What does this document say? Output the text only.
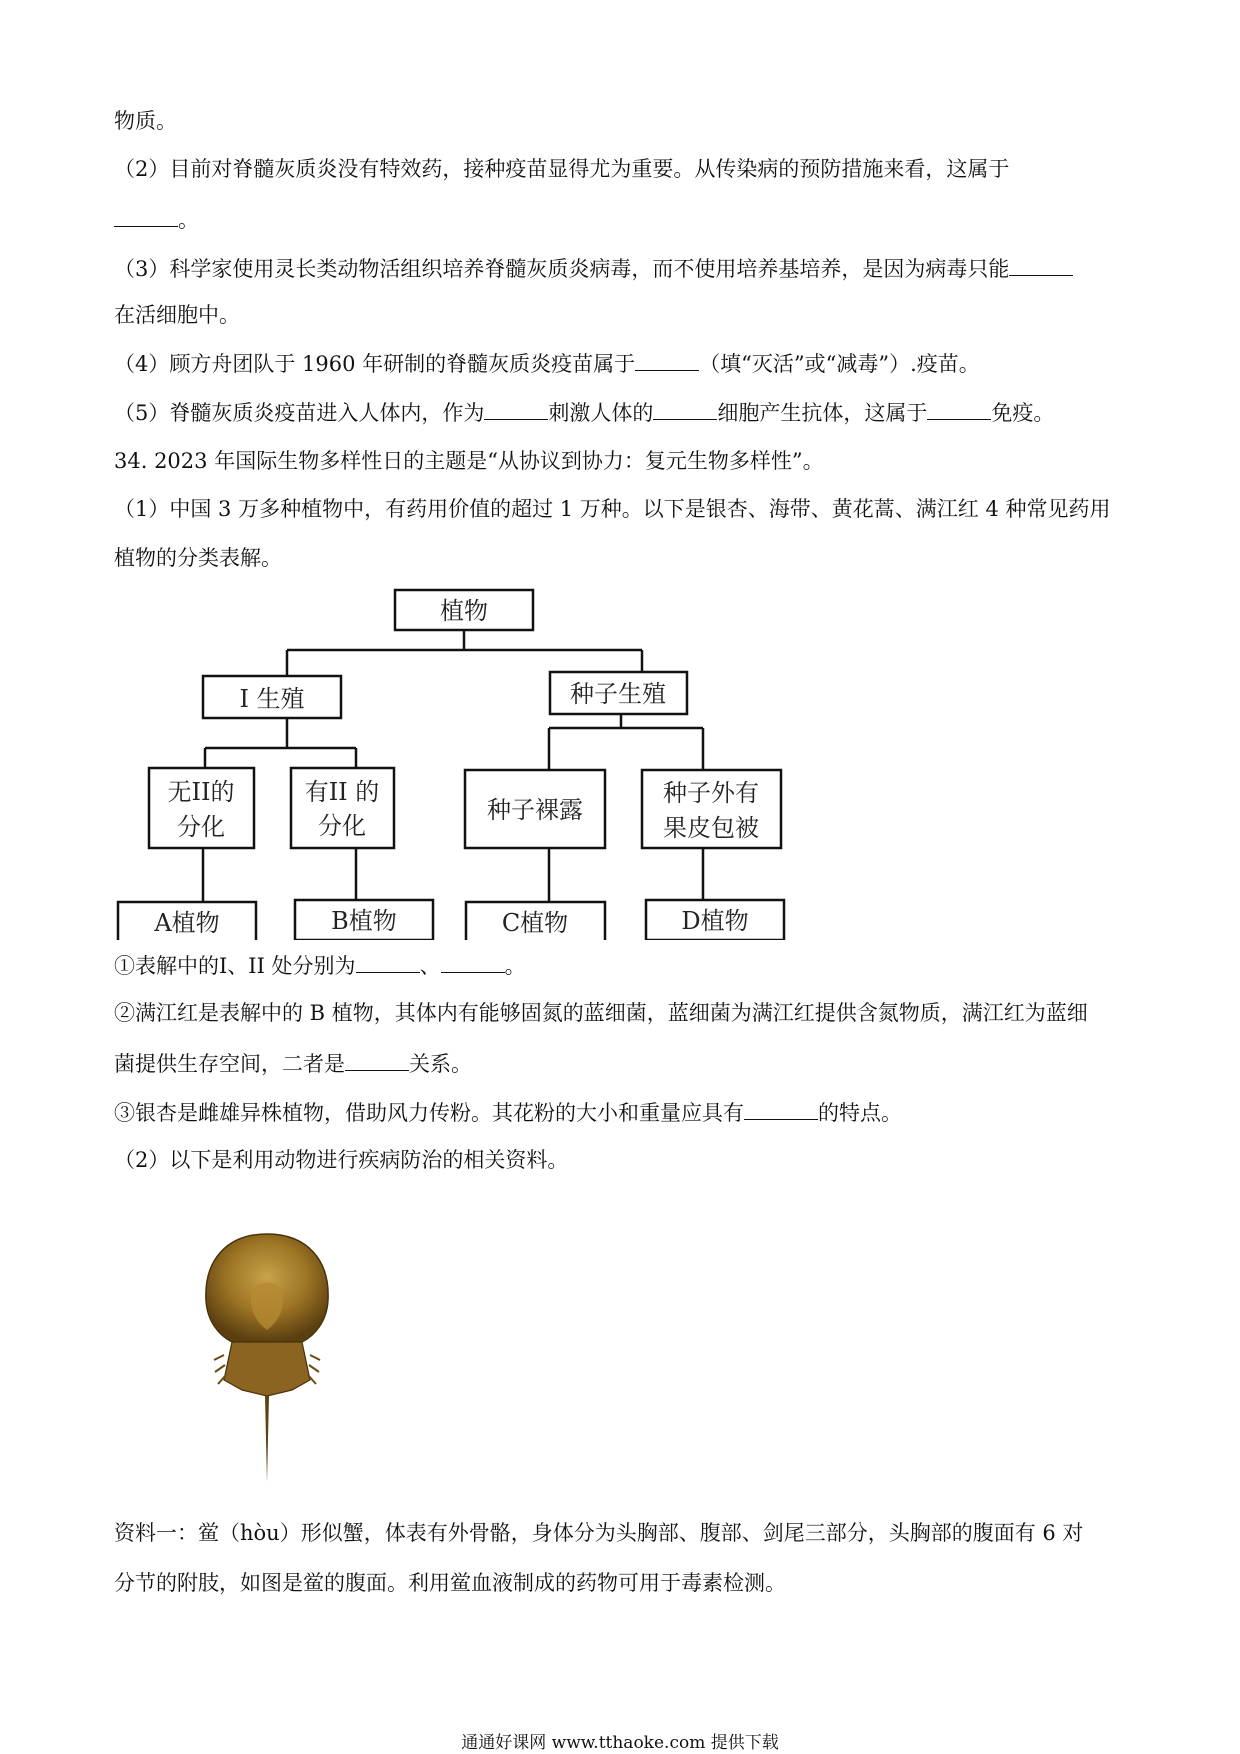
物质。
（2）目前对脊髓灰质炎没有特效药，接种疫苗显得尤为重要。从传染病的预防措施来看，这属于
。
（3）科学家使用灵长类动物活组织培养脊髓灰质炎病毒，而不使用培养基培养，是因为病毒只能
在活细胞中。
（4）顾方舟团队于 1960 年研制的脊髓灰质炎疫苗属于	（填“灭活”或“减毒”）.疫苗。
（5）脊髓灰质炎疫苗进入人体内，作为	刺激人体的	细胞产生抗体，这属于	免疫。
34. 2023 年国际生物多样性日的主题是“从协议到协力：复元生物多样性”。
（1）中国 3 万多种植物中，有药用价值的超过 1 万种。以下是银杏、海带、黄花蒿、满江红 4 种常见药用
植物的分类表解。
植物
I 生殖	种子生殖
无II的
分化
有II 的
分化
种子裸露
种子外有
果皮包被
A植物	B植物	C植物	D植物
①表解中的I、II 处分别为	、	。
②满江红是表解中的 B 植物，其体内有能够固氮的蓝细菌，蓝细菌为满江红提供含氮物质，满江红为蓝细
菌提供生存空间，二者是	关系。
③银杏是雌雄异株植物，借助风力传粉。其花粉的大小和重量应具有	的特点。
（2）以下是利用动物进行疾病防治的相关资料。
资料一：鲎（hòu）形似蟹，体表有外骨骼，身体分为头胸部、腹部、剑尾三部分，头胸部的腹面有 6 对
分节的附肢，如图是鲎的腹面。利用鲎血液制成的药物可用于毒素检测。
通通好课网 www.tthaoke.com 提供下载
